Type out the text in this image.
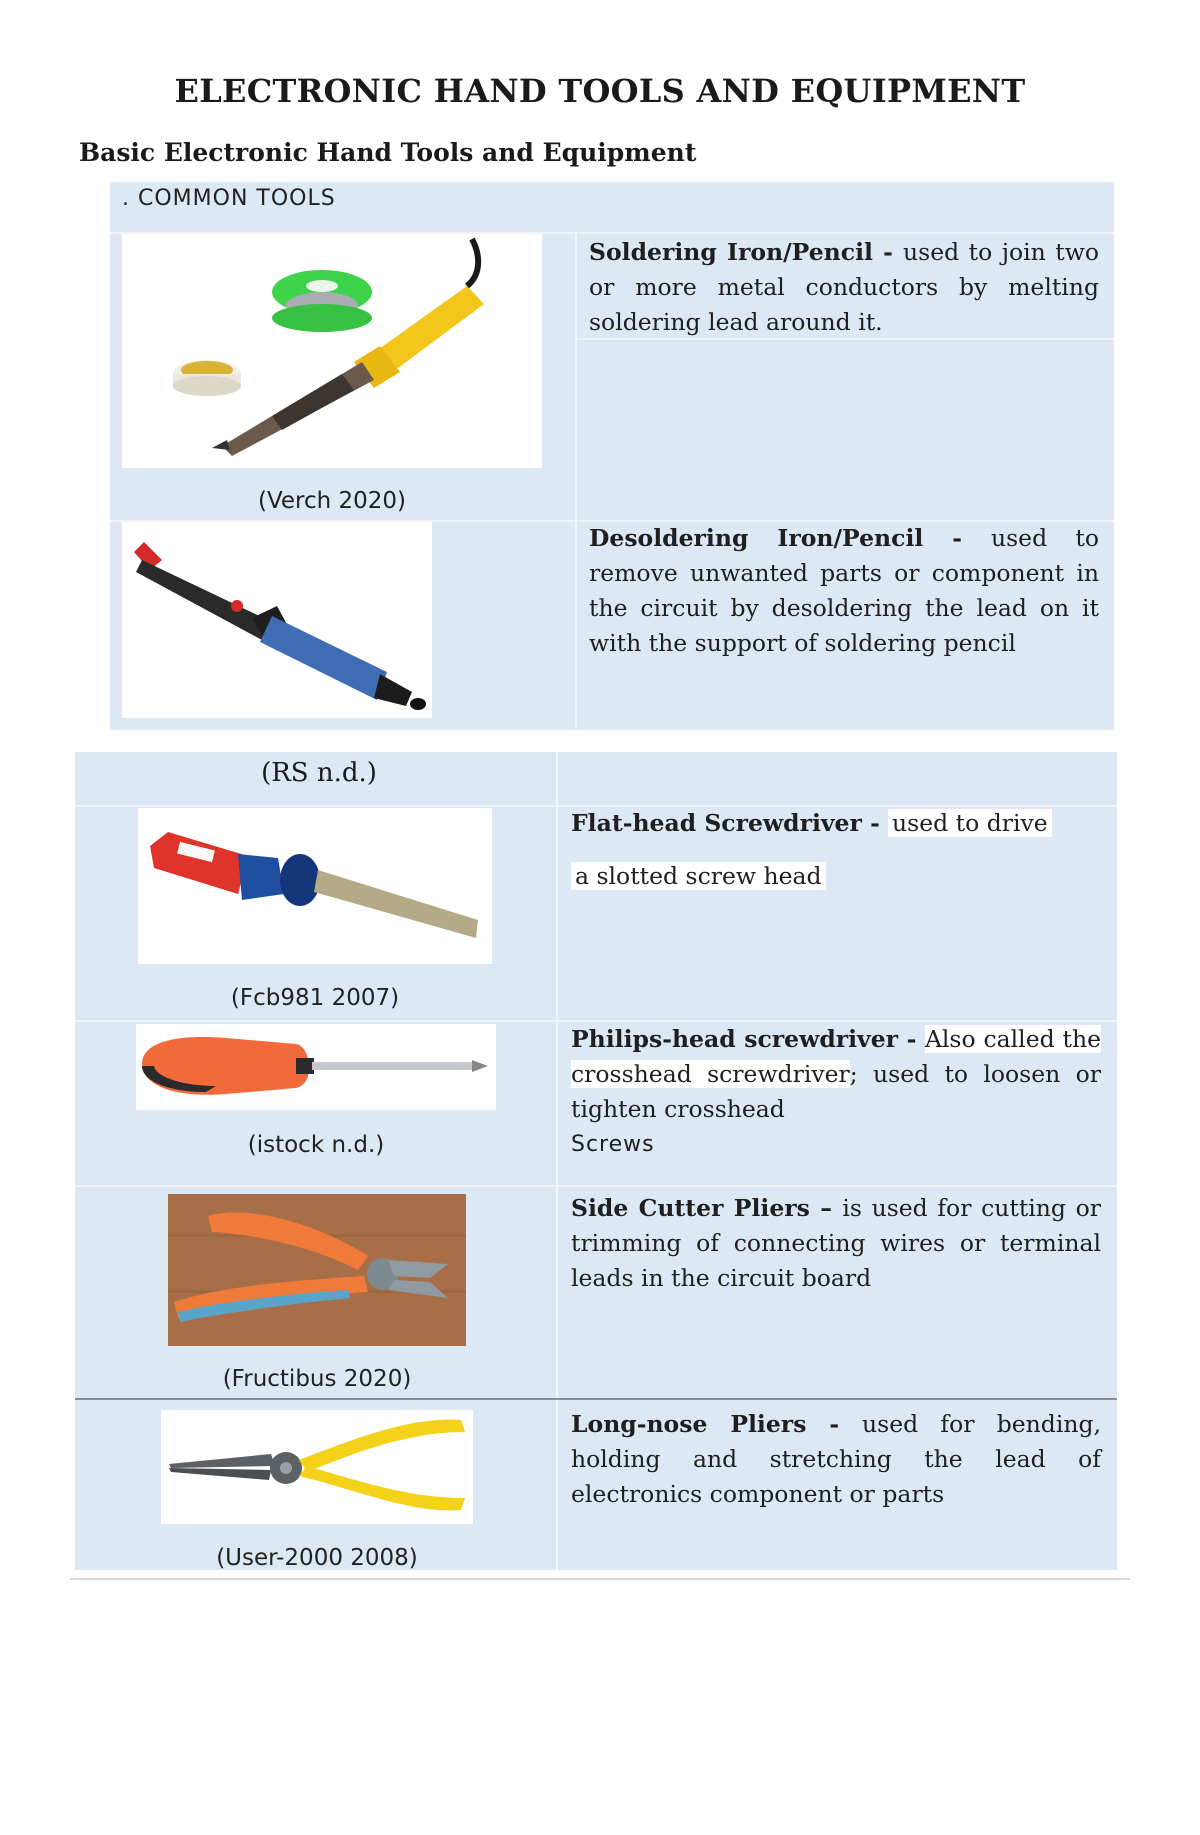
ELECTRONIC HAND TOOLS AND EQUIPMENT
Basic Electronic Hand Tools and Equipment
. COMMON TOOLS
(Verch 2020)

Soldering Iron/Pencil - used to join two or more metal conductors by melting soldering lead around it.

Desoldering Iron/Pencil - used to remove unwanted parts or component in the circuit by desoldering the lead on it with the support of soldering pencil

(RS n.d.)
(Fcb981 2007)

Flat-head Screwdriver - used to drive

a slotted screw head

(istock n.d.)

Philips-head screwdriver - Also called the crosshead screwdriver; used to loosen or tighten crosshead

Screws

(Fructibus 2020)

Side Cutter Pliers – is used for cutting or trimming of connecting wires or terminal leads in the circuit board

(User-2000 2008)

Long-nose Pliers - used for bending, holding and stretching the lead of electronics component or parts
